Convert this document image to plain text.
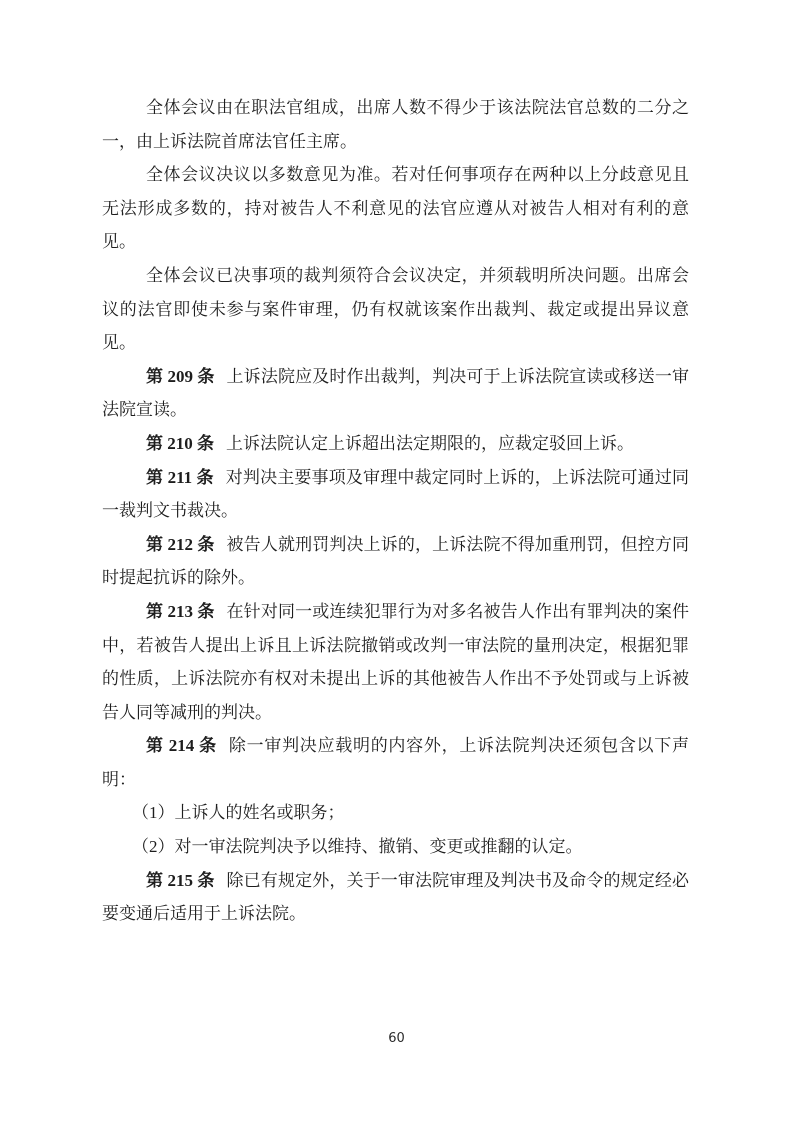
全体会议由在职法官组成，出席人数不得少于该法院法官总数的二分之一，由上诉法院首席法官任主席。

全体会议决议以多数意见为准。若对任何事项存在两种以上分歧意见且无法形成多数的，持对被告人不利意见的法官应遵从对被告人相对有利的意见。

全体会议已决事项的裁判须符合会议决定，并须载明所决问题。出席会议的法官即使未参与案件审理，仍有权就该案作出裁判、裁定或提出异议意见。

第 209 条 上诉法院应及时作出裁判，判决可于上诉法院宣读或移送一审法院宣读。

第 210 条 上诉法院认定上诉超出法定期限的，应裁定驳回上诉。

第 211 条 对判决主要事项及审理中裁定同时上诉的，上诉法院可通过同一裁判文书裁决。

第 212 条 被告人就刑罚判决上诉的，上诉法院不得加重刑罚，但控方同时提起抗诉的除外。

第 213 条 在针对同一或连续犯罪行为对多名被告人作出有罪判决的案件中，若被告人提出上诉且上诉法院撤销或改判一审法院的量刑决定，根据犯罪的性质，上诉法院亦有权对未提出上诉的其他被告人作出不予处罚或与上诉被告人同等减刑的判决。

第 214 条 除一审判决应载明的内容外，上诉法院判决还须包含以下声明：

（1）上诉人的姓名或职务；

（2）对一审法院判决予以维持、撤销、变更或推翻的认定。

第 215 条 除已有规定外，关于一审法院审理及判决书及命令的规定经必要变通后适用于上诉法院。

60
